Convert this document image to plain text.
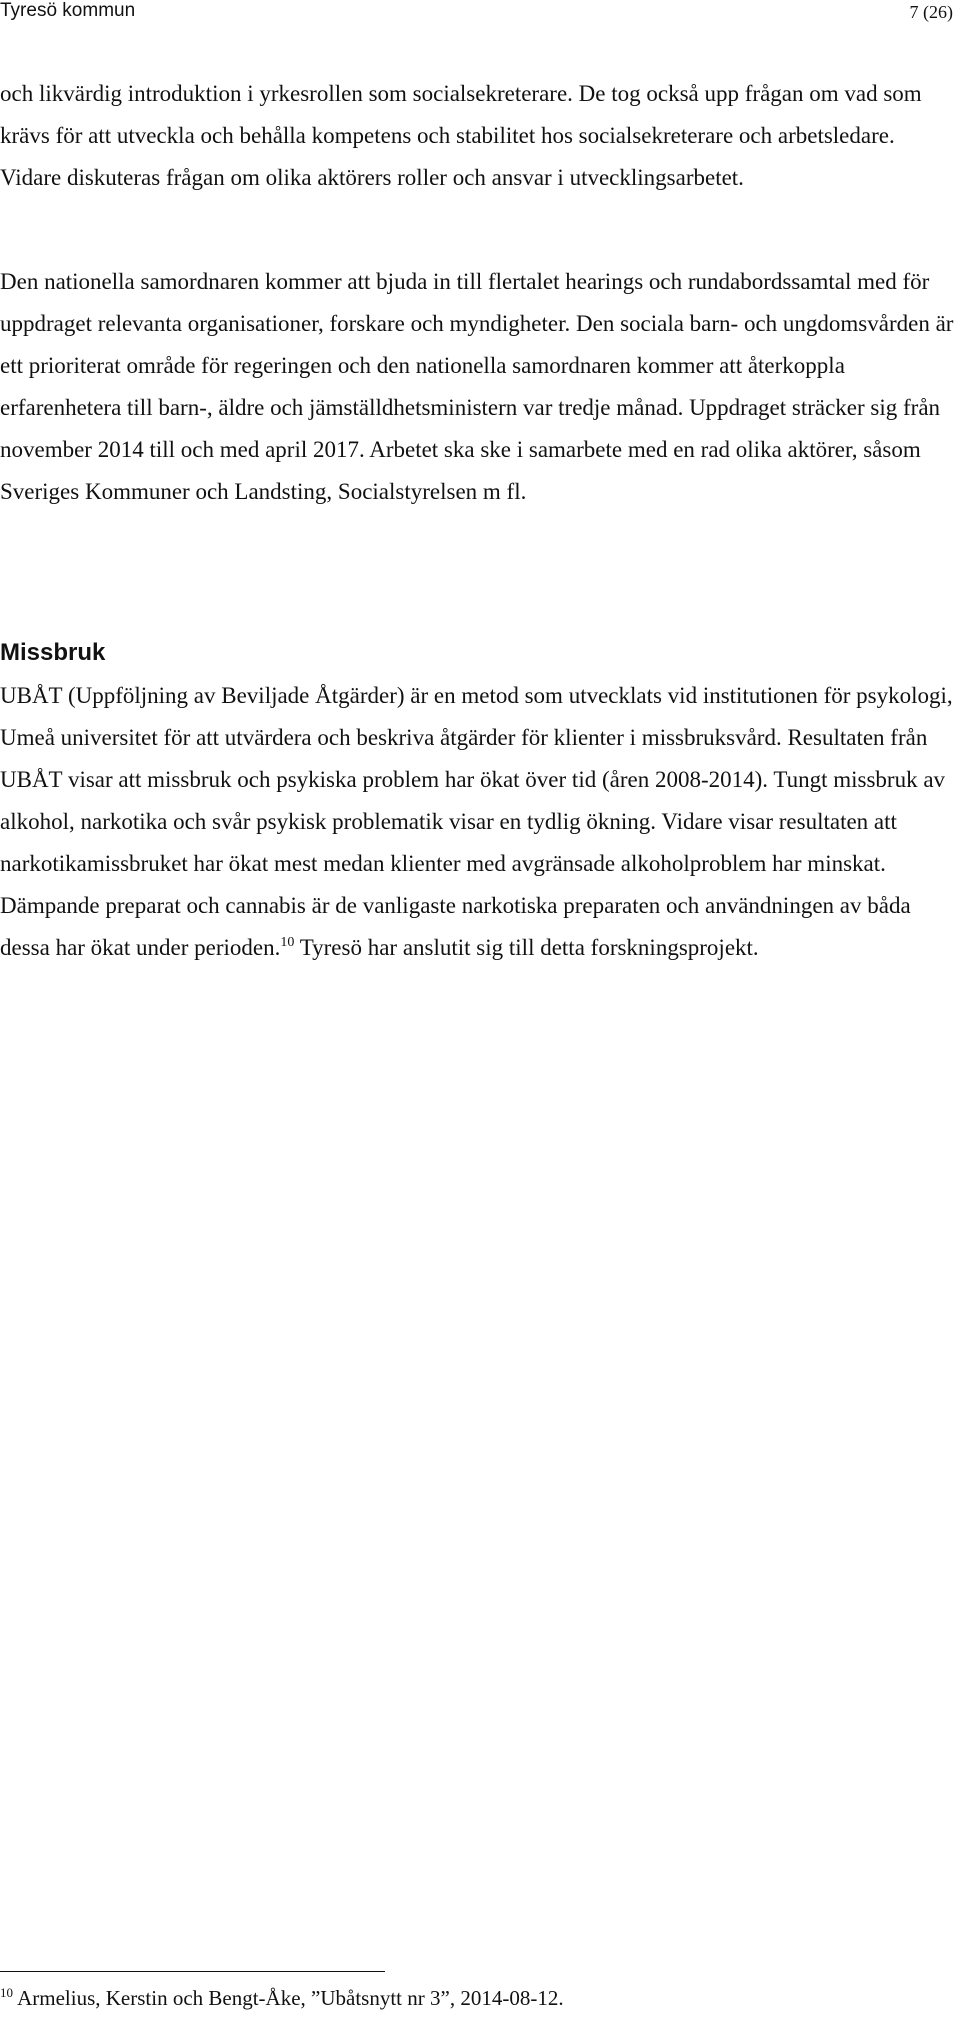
Tyresö kommun	7 (26)

och likvärdig introduktion i yrkesrollen som socialsekreterare. De tog också upp frågan om vad som krävs för att utveckla och behålla kompetens och stabilitet hos socialsekreterare och arbetsledare. Vidare diskuteras frågan om olika aktörers roller och ansvar i utvecklingsarbetet.

Den nationella samordnaren kommer att bjuda in till flertalet hearings och rundabordssamtal med för uppdraget relevanta organisationer, forskare och myndigheter. Den sociala barn- och ungdomsvården är ett prioriterat område för regeringen och den nationella samordnaren kommer att återkoppla erfarenhetera till barn-, äldre och jämställdhetsministern var tredje månad. Uppdraget sträcker sig från november 2014 till och med april 2017. Arbetet ska ske i samarbete med en rad olika aktörer, såsom Sveriges Kommuner och Landsting, Socialstyrelsen m fl.

Missbruk

UBÅT (Uppföljning av Beviljade Åtgärder) är en metod som utvecklats vid institutionen för psykologi, Umeå universitet för att utvärdera och beskriva åtgärder för klienter i missbruksvård. Resultaten från UBÅT visar att missbruk och psykiska problem har ökat över tid (åren 2008-2014). Tungt missbruk av alkohol, narkotika och svår psykisk problematik visar en tydlig ökning. Vidare visar resultaten att narkotikamissbruket har ökat mest medan klienter med avgränsade alkoholproblem har minskat. Dämpande preparat och cannabis är de vanligaste narkotiska preparaten och användningen av båda dessa har ökat under perioden.$^{10}$ Tyresö har anslutit sig till detta forskningsprojekt.

$^{10}$ Armelius, Kerstin och Bengt-Åke, ”Ubåtsnytt nr 3”, 2014-08-12.
